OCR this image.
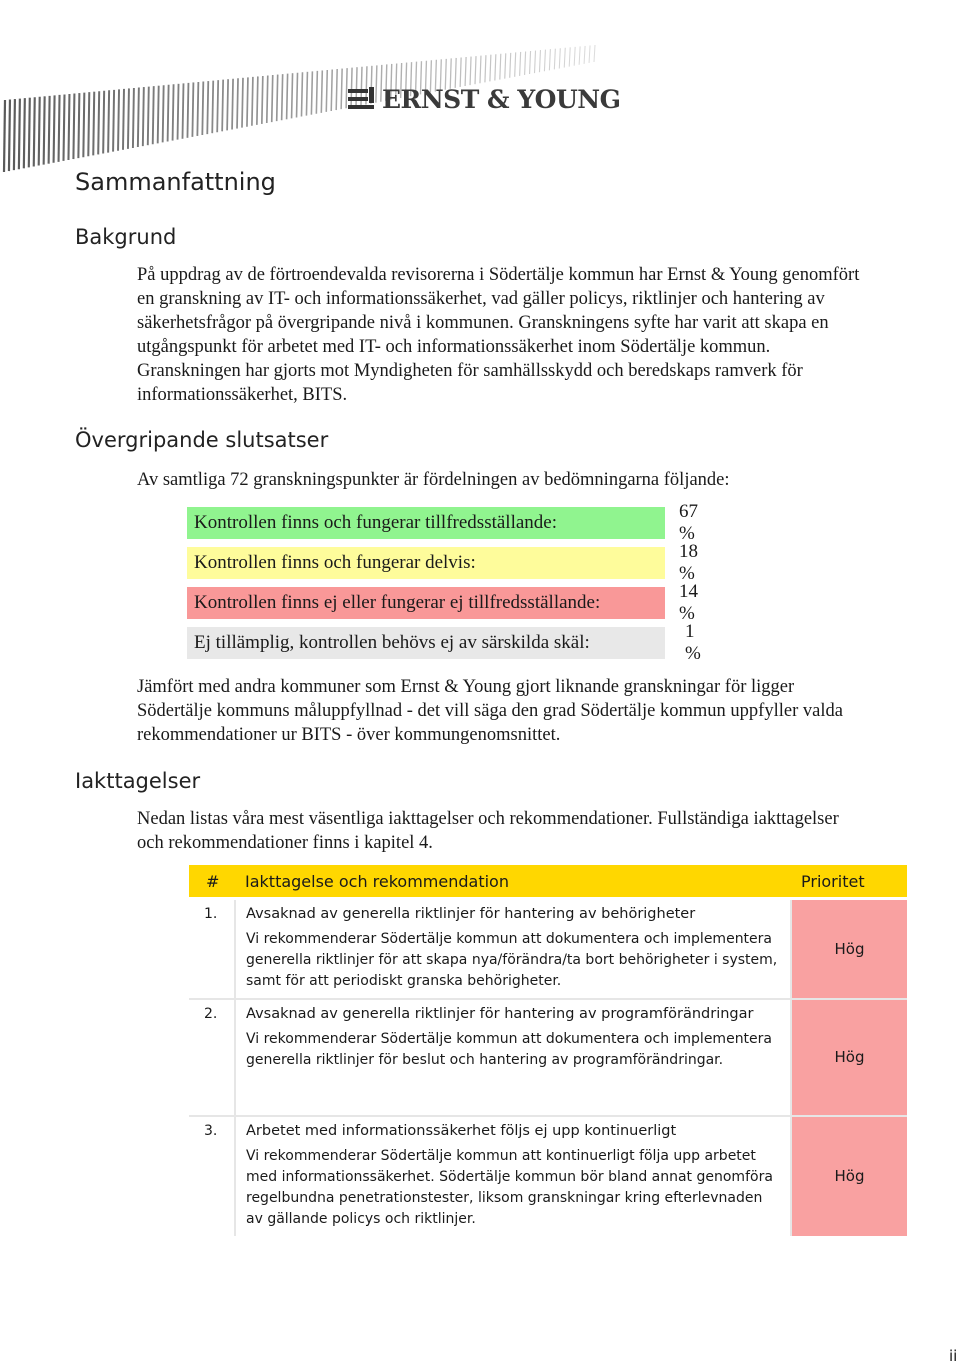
ERNST & YOUNG
Sammanfattning
Bakgrund
På uppdrag av de förtroendevalda revisorerna i Södertälje kommun har Ernst & Young genomfört
en granskning av IT- och informationssäkerhet, vad gäller policys, riktlinjer och hantering av
säkerhetsfrågor på övergripande nivå i kommunen. Granskningens syfte har varit att skapa en
utgångspunkt för arbetet med IT- och informationssäkerhet inom Södertälje kommun.
Granskningen har gjorts mot Myndigheten för samhällsskydd och beredskaps ramverk för
informationssäkerhet, BITS.
Övergripande slutsatser
Av samtliga 72 granskningspunkter är fördelningen av bedömningarna följande:
Kontrollen finns och fungerar tillfredsställande:
67 %
Kontrollen finns och fungerar delvis:
18 %
Kontrollen finns ej eller fungerar ej tillfredsställande:
14 %
Ej tillämplig, kontrollen behövs ej av särskilda skäl:
1 %
Jämfört med andra kommuner som Ernst & Young gjort liknande granskningar för ligger
Södertälje kommuns måluppfyllnad - det vill säga den grad Södertälje kommun uppfyller valda
rekommendationer ur BITS - över kommungenomsnittet.
Iakttagelser
Nedan listas våra mest väsentliga iakttagelser och rekommendationer. Fullständiga iakttagelser
och rekommendationer finns i kapitel 4.
#	Iakttagelse och rekommendation	Prioritet
1.	Avsaknad av generella riktlinjer för hantering av behörigheter
Vi rekommenderar Södertälje kommun att dokumentera och implementera generella riktlinjer för att skapa nya/förändra/ta bort behörigheter i system, samt för att periodiskt granska behörigheter.	Hög
2.	Avsaknad av generella riktlinjer för hantering av programförändringar
Vi rekommenderar Södertälje kommun att dokumentera och implementera generella riktlinjer för beslut och hantering av programförändringar.	Hög
3.	Arbetet med informationssäkerhet följs ej upp kontinuerligt
Vi rekommenderar Södertälje kommun att kontinuerligt följa upp arbetet med informationssäkerhet. Södertälje kommun bör bland annat genomföra regelbundna penetrationstester, liksom granskningar kring efterlevnaden av gällande policys och riktlinjer.	Hög
ii
